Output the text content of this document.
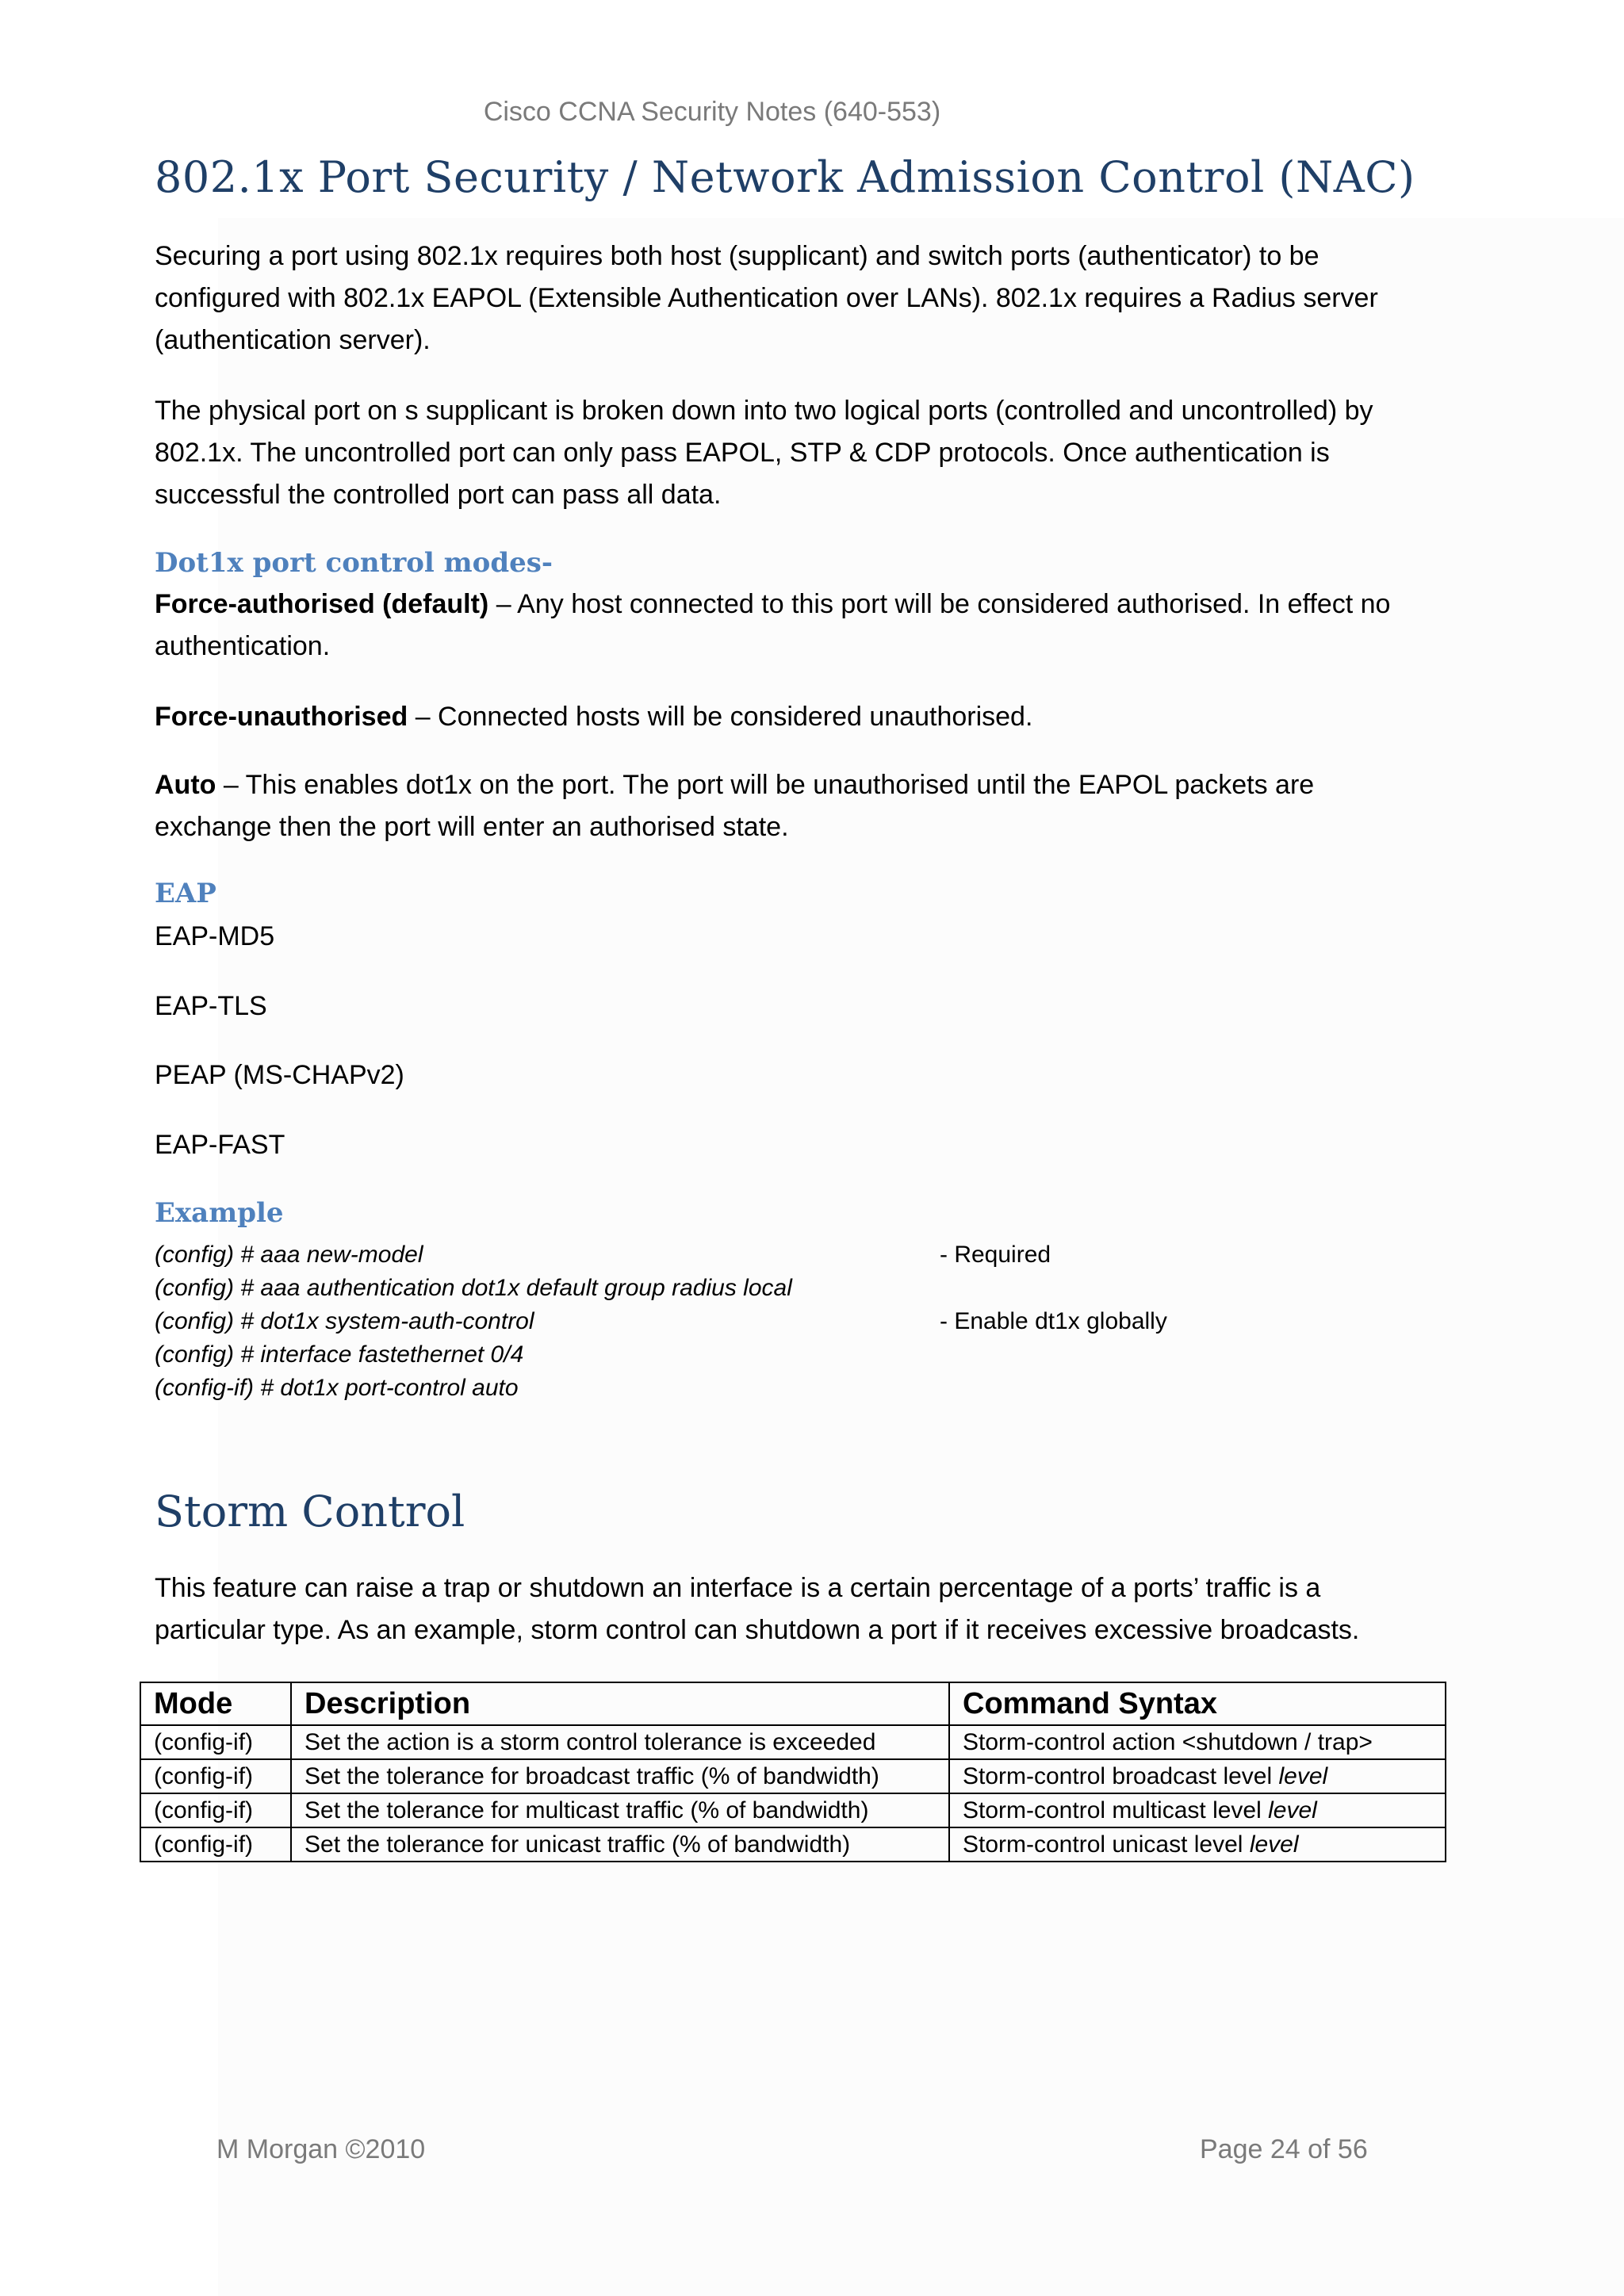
Cisco CCNA Security Notes (640-553)
802.1x Port Security / Network Admission Control (NAC)

Securing a port using 802.1x requires both host (supplicant) and switch ports (authenticator) to be
configured with 802.1x EAPOL (Extensible Authentication over LANs). 802.1x requires a Radius server
(authentication server).

The physical port on s supplicant is broken down into two logical ports (controlled and uncontrolled) by
802.1x. The uncontrolled port can only pass EAPOL, STP & CDP protocols. Once authentication is
successful the controlled port can pass all data.

Dot1x port control modes-

Force-authorised (default) – Any host connected to this port will be considered authorised. In effect no
authentication.

Force-unauthorised – Connected hosts will be considered unauthorised.

Auto – This enables dot1x on the port. The port will be unauthorised until the EAPOL packets are
exchange then the port will enter an authorised state.

EAP
EAP-MD5
EAP-TLS
PEAP (MS-CHAPv2)
EAP-FAST
Example
(config) # aaa new-model	- Required
(config) # aaa authentication dot1x default group radius local
(config) # dot1x system-auth-control	- Enable dt1x globally
(config) # interface fastethernet 0/4
(config-if) # dot1x port-control auto
Storm Control

This feature can raise a trap or shutdown an interface is a certain percentage of a ports’ traffic is a
particular type. As an example, storm control can shutdown a port if it receives excessive broadcasts.

Mode	Description	Command Syntax
(config-if)	Set the action is a storm control tolerance is exceeded	Storm-control action <shutdown / trap>
(config-if)	Set the tolerance for broadcast traffic (% of bandwidth)	Storm-control broadcast level level
(config-if)	Set the tolerance for multicast traffic (% of bandwidth)	Storm-control multicast level level
(config-if)	Set the tolerance for unicast traffic (% of bandwidth)	Storm-control unicast level level
M Morgan ©2010	Page 24 of 56
